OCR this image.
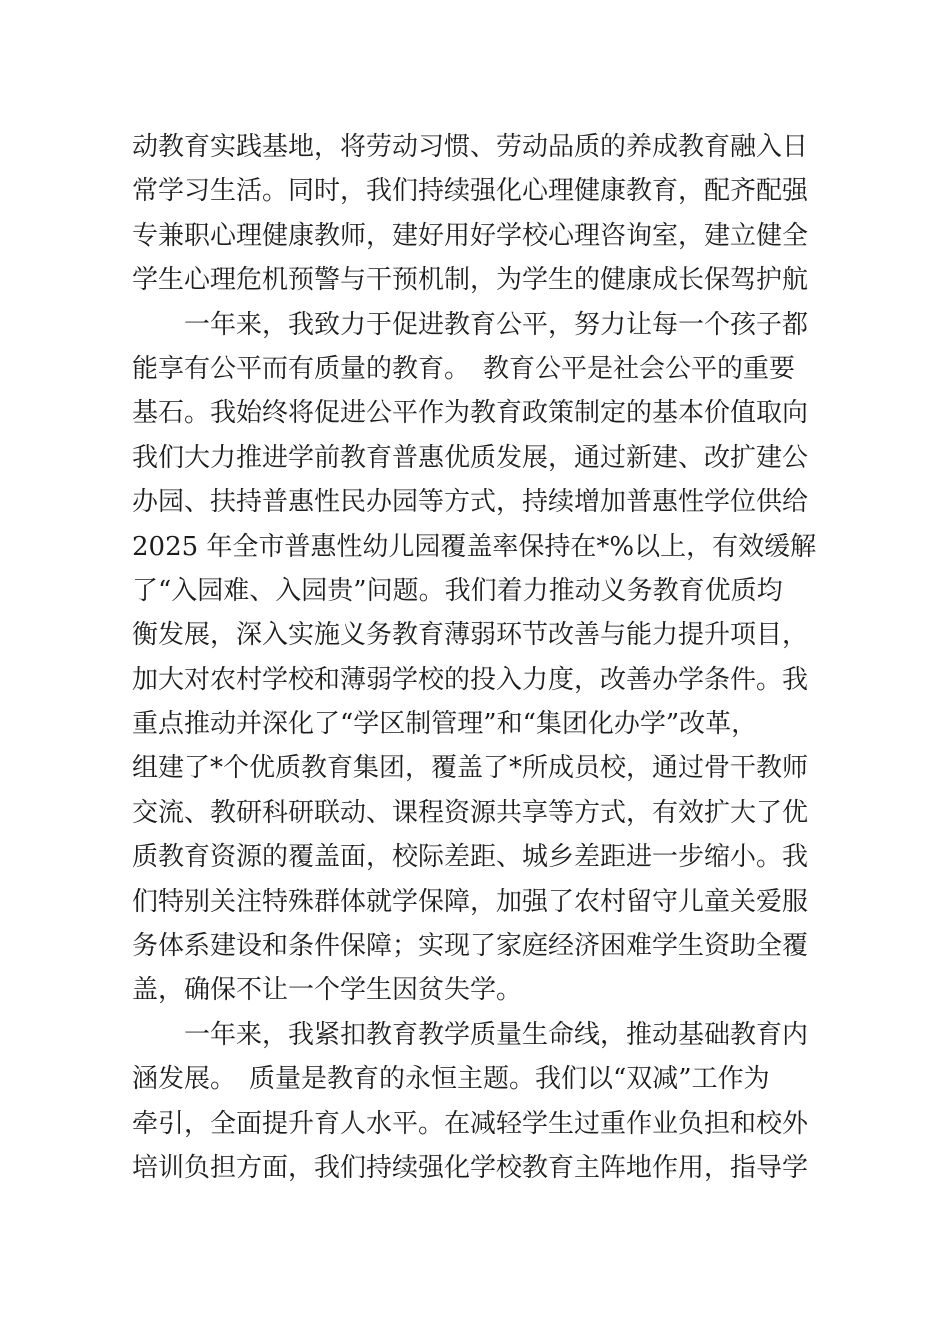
动教育实践基地，将劳动习惯、劳动品质的养成教育融入日
常学习生活。同时，我们持续强化心理健康教育，配齐配强
专兼职心理健康教师，建好用好学校心理咨询室，建立健全
学生心理危机预警与干预机制，为学生的健康成长保驾护航
一年来，我致力于促进教育公平，努力让每一个孩子都
能享有公平而有质量的教育。　教育公平是社会公平的重要
基石。我始终将促进公平作为教育政策制定的基本价值取向
我们大力推进学前教育普惠优质发展，通过新建、改扩建公
办园、扶持普惠性民办园等方式，持续增加普惠性学位供给
2025 年全市普惠性幼儿园覆盖率保持在*%以上，有效缓解
了“入园难、入园贵”问题。我们着力推动义务教育优质均
衡发展，深入实施义务教育薄弱环节改善与能力提升项目，
加大对农村学校和薄弱学校的投入力度，改善办学条件。我
重点推动并深化了“学区制管理”和“集团化办学”改革，
组建了*个优质教育集团，覆盖了*所成员校，通过骨干教师
交流、教研科研联动、课程资源共享等方式，有效扩大了优
质教育资源的覆盖面，校际差距、城乡差距进一步缩小。我
们特别关注特殊群体就学保障，加强了农村留守儿童关爱服
务体系建设和条件保障；实现了家庭经济困难学生资助全覆
盖，确保不让一个学生因贫失学。
一年来，我紧扣教育教学质量生命线，推动基础教育内
涵发展。　质量是教育的永恒主题。我们以“双减”工作为
牵引，全面提升育人水平。在减轻学生过重作业负担和校外
培训负担方面，我们持续强化学校教育主阵地作用，指导学
